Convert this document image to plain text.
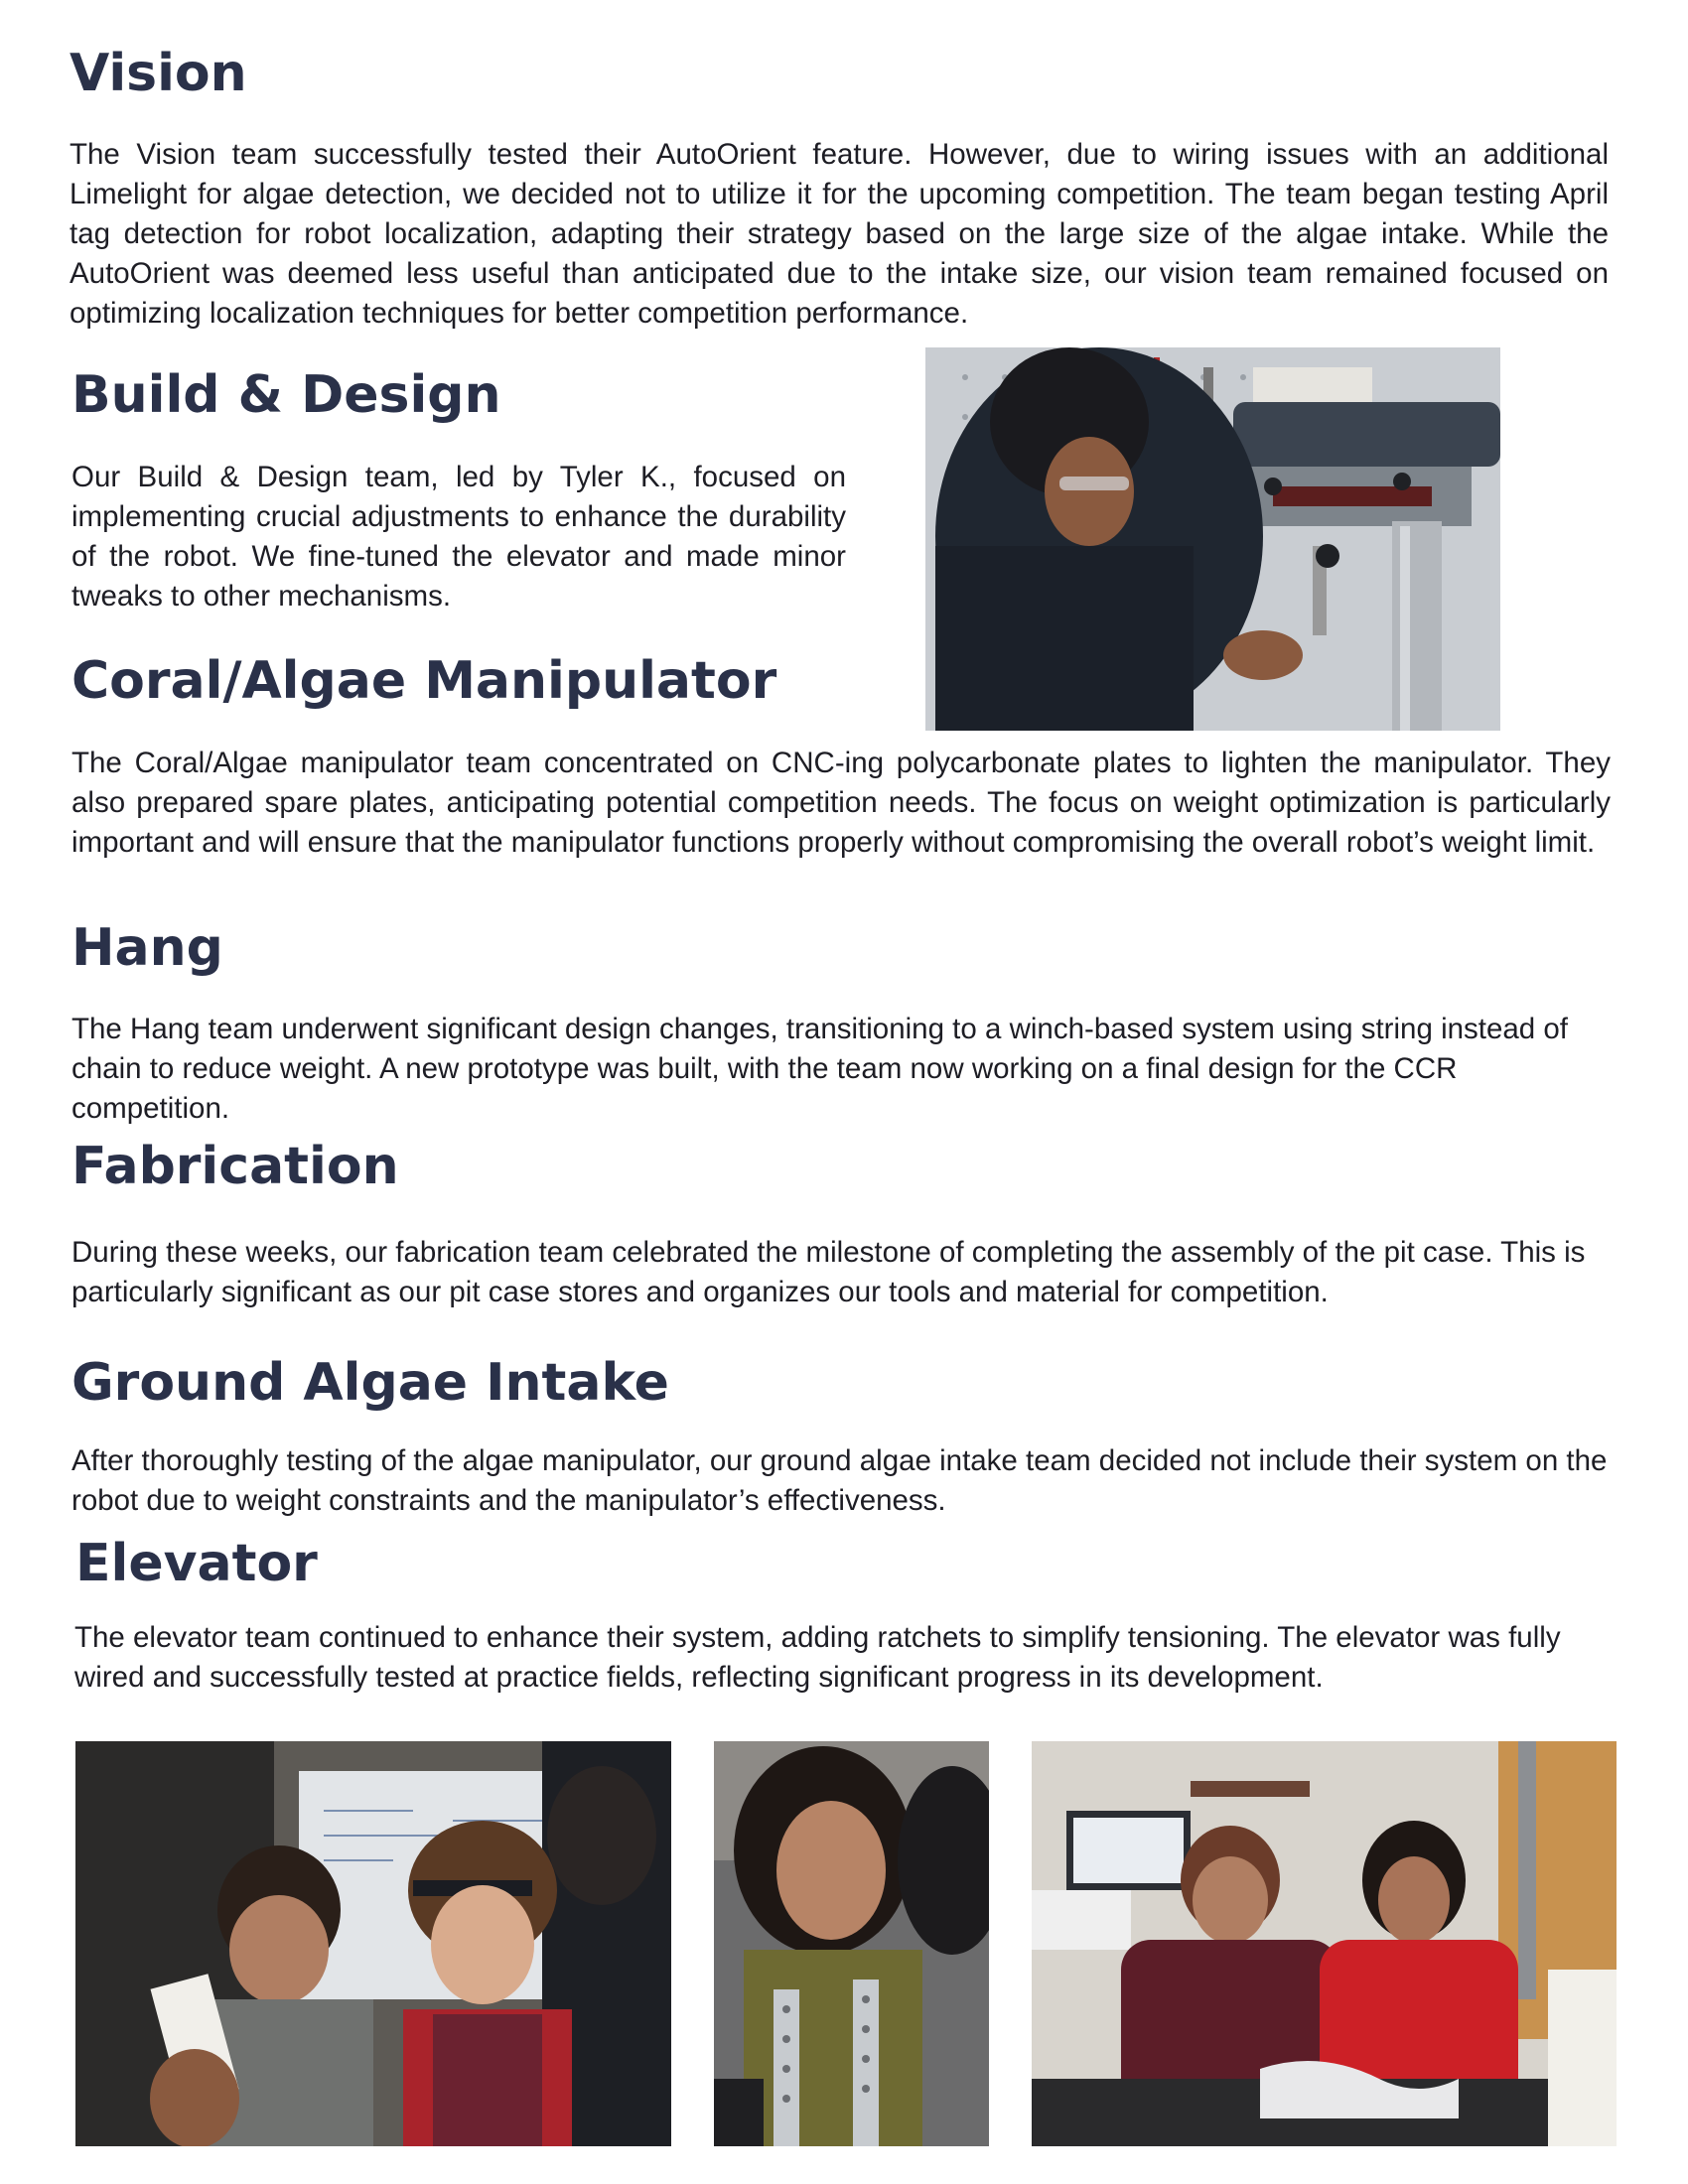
Vision

The Vision team successfully tested their AutoOrient feature. However, due to wiring issues with an additional Limelight for algae detection, we decided not to utilize it for the upcoming competition. The team began testing April tag detection for robot localization, adapting their strategy based on the large size of the algae intake. While the AutoOrient was deemed less useful than anticipated due to the intake size, our vision team remained focused on optimizing localization techniques for better competition performance.

Build & Design

Our Build & Design team, led by Tyler K., focused on implementing crucial adjustments to enhance the durability of the robot. We fine-tuned the elevator and made minor tweaks to other mechanisms.

Coral/Algae Manipulator

The Coral/Algae manipulator team concentrated on CNC-ing polycarbonate plates to lighten the manipulator. They also prepared spare plates, anticipating potential competition needs. The focus on weight optimization is particularly important and will ensure that the manipulator functions properly without compromising the overall robot’s weight limit.

Hang

The Hang team underwent significant design changes, transitioning to a winch-based system using string instead of chain to reduce weight. A new prototype was built, with the team now working on a final design for the CCR competition.

Fabrication

During these weeks, our fabrication team celebrated the milestone of completing the assembly of the pit case. This is particularly significant as our pit case stores and organizes our tools and material for competition.

Ground Algae Intake

After thoroughly testing of the algae manipulator, our ground algae intake team decided not include their system on the robot due to weight constraints and the manipulator’s effectiveness.

Elevator

The elevator team continued to enhance their system, adding ratchets to simplify tensioning. The elevator was fully wired and successfully tested at practice fields, reflecting significant progress in its development.
